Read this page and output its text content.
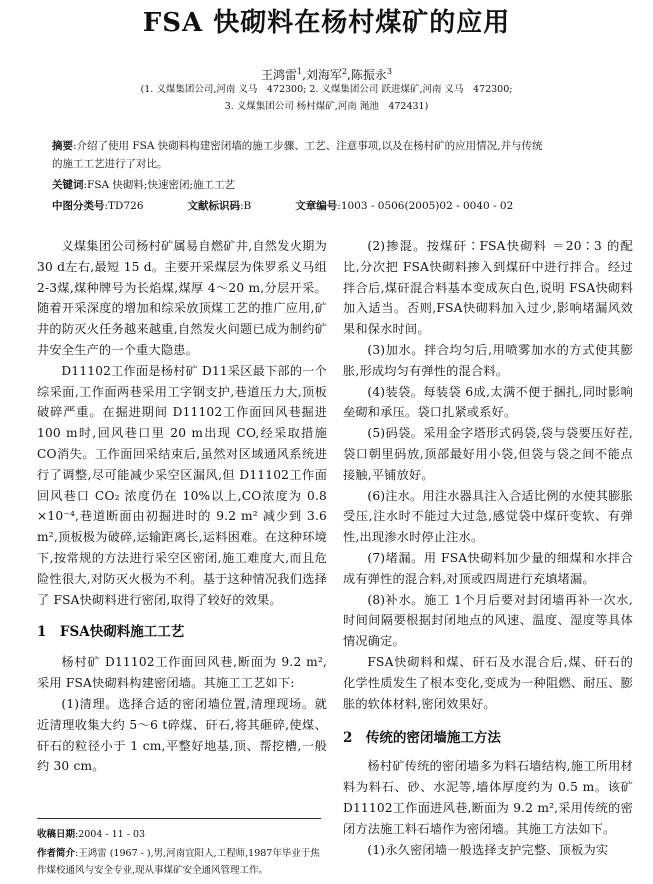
FSA 快砌料在杨村煤矿的应用
王鸿雷$^1$,刘海军$^2$,陈振永$^3$
(1. 义煤集团公司,河南 义马　472300; 2. 义煤集团公司 跃进煤矿,河南 义马　472300;
3. 义煤集团公司 杨村煤矿,河南 渑池　472431)
摘要:介绍了使用 FSA 快砌料构建密闭墙的施工步骤、工艺、注意事项,以及在杨村矿的应用情况,并与传统
的施工工艺进行了对比。
关键词:FSA 快砌料;快速密闭;施工工艺
中图分类号:TD726	文献标识码:B	文章编号:1003 - 0506(2005)02 - 0040 - 02

义煤集团公司杨村矿属易自燃矿井,自然发火期为 30 d左右,最短 15 d。主要开采煤层为侏罗系义马组 2-3煤,煤种牌号为长焰煤,煤厚 4～20 m,分层开采。随着开采深度的增加和综采放顶煤工艺的推广应用,矿井的防灭火任务越来越重,自然发火问题已成为制约矿井安全生产的一个重大隐患。

D11102工作面是杨村矿 D11采区最下部的一个综采面,工作面两巷采用工字钢支护,巷道压力大,顶板破碎严重。在掘进期间 D11102工作面回风巷掘进 100 m时,回风巷口里 20 m出现 CO,经采取措施 CO消失。工作面回采结束后,虽然对区域通风系统进行了调整,尽可能减少采空区漏风,但 D11102工作面回风巷口 CO₂ 浓度仍在 10%以上,CO浓度为 0.8 ×10⁻⁴,巷道断面由初掘进时的 9.2 m² 减少到 3.6 m²,顶板极为破碎,运输距离长,运料困难。在这种环境下,按常规的方法进行采空区密闭,施工难度大,而且危险性很大,对防灭火极为不利。基于这种情况我们选择了 FSA快砌料进行密闭,取得了较好的效果。

1　FSA快砌料施工工艺

杨村矿 D11102工作面回风巷,断面为 9.2 m²,采用 FSA快砌料构建密闭墙。其施工工艺如下:

(1)清理。选择合适的密闭墙位置,清理现场。就近清理收集大约 5～6 t碎煤、矸石,将其砸碎,使煤、矸石的粒径小于 1 cm,平整好地基,顶、帮挖槽,一般约 30 cm。

(2)掺混。按煤矸∶FSA快砌料 ＝20∶3 的配比,分次把 FSA快砌料掺入到煤矸中进行拌合。经过拌合后,煤矸混合料基本变成灰白色,说明 FSA快砌料加入适当。否则,FSA快砌料加入过少,影响堵漏风效果和保水时间。

(3)加水。拌合均匀后,用喷雾加水的方式使其膨胀,形成均匀有弹性的混合料。

(4)装袋。每装袋 6成,太满不便于捆扎,同时影响垒砌和承压。袋口扎紧或系好。

(5)码袋。采用金字塔形式码袋,袋与袋要压好茬,袋口朝里码放,顶部最好用小袋,但袋与袋之间不能点接触,平铺放好。

(6)注水。用注水器具注入合适比例的水使其膨胀受压,注水时不能过大过急,感觉袋中煤矸变软、有弹性,出现渗水时停止注水。

(7)堵漏。用 FSA快砌料加少量的细煤和水拌合成有弹性的混合料,对顶或四周进行充填堵漏。

(8)补水。施工 1个月后要对封闭墙再补一次水,时间间隔要根据封闭地点的风速、温度、湿度等具体情况确定。

FSA快砌料和煤、矸石及水混合后,煤、矸石的化学性质发生了根本变化,变成为一种阻燃、耐压、膨胀的软体材料,密闭效果好。

2　传统的密闭墙施工方法

杨村矿传统的密闭墙多为料石墙结构,施工所用材料为料石、砂、水泥等,墙体厚度约为 0.5 m。该矿 D11102工作面进风巷,断面为 9.2 m²,采用传统的密闭方法施工料石墙作为密闭墙。其施工方法如下。

(1)永久密闭墙一般选择支护完整、顶板为实

收稿日期:2004 - 11 - 03
作者简介:王鸿雷 (1967 - ),男,河南宜阳人,工程师,1987年毕业于焦作煤校通风与安全专业,现从事煤矿安全通风管理工作。
